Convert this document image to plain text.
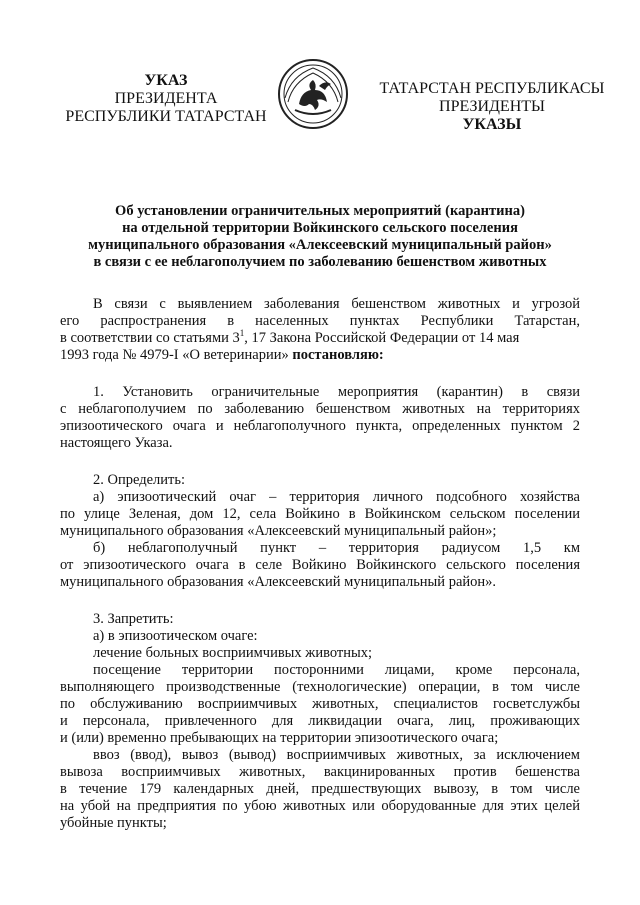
УКАЗ
ПРЕЗИДЕНТА
РЕСПУБЛИКИ ТАТАРСТАН
ТАТАРСТАН РЕСПУБЛИКАСЫ
ПРЕЗИДЕНТЫ
УКАЗЫ
Об установлении ограничительных мероприятий (карантина)
на отдельной территории Войкинского сельского поселения
муниципального образования «Алексеевский муниципальный район»
в связи с ее неблагополучием по заболеванию бешенством животных
В связи с выявлением заболевания бешенством животных и угрозой
его распространения в населенных пунктах Республики Татарстан,
в соответствии со статьями $3^1$, 17 Закона Российской Федерации от 14 мая
1993 года № 4979-I «О ветеринарии» постановляю:
1. Установить ограничительные мероприятия (карантин) в связи
с неблагополучием по заболеванию бешенством животных на территориях
эпизоотического очага и неблагополучного пункта, определенных пунктом 2
настоящего Указа.
2. Определить:
а) эпизоотический очаг – территория личного подсобного хозяйства
по улице Зеленая, дом 12, села Войкино в Войкинском сельском поселении
муниципального образования «Алексеевский муниципальный район»;
б) неблагополучный пункт – территория радиусом 1,5 км
от эпизоотического очага в селе Войкино Войкинского сельского поселения
муниципального образования «Алексеевский муниципальный район».
3. Запретить:
а) в эпизоотическом очаге:
лечение больных восприимчивых животных;
посещение территории посторонними лицами, кроме персонала,
выполняющего производственные (технологические) операции, в том числе
по обслуживанию восприимчивых животных, специалистов госветслужбы
и персонала, привлеченного для ликвидации очага, лиц, проживающих
и (или) временно пребывающих на территории эпизоотического очага;
ввоз (ввод), вывоз (вывод) восприимчивых животных, за исключением
вывоза восприимчивых животных, вакцинированных против бешенства
в течение 179 календарных дней, предшествующих вывозу, в том числе
на убой на предприятия по убою животных или оборудованные для этих целей
убойные пункты;
